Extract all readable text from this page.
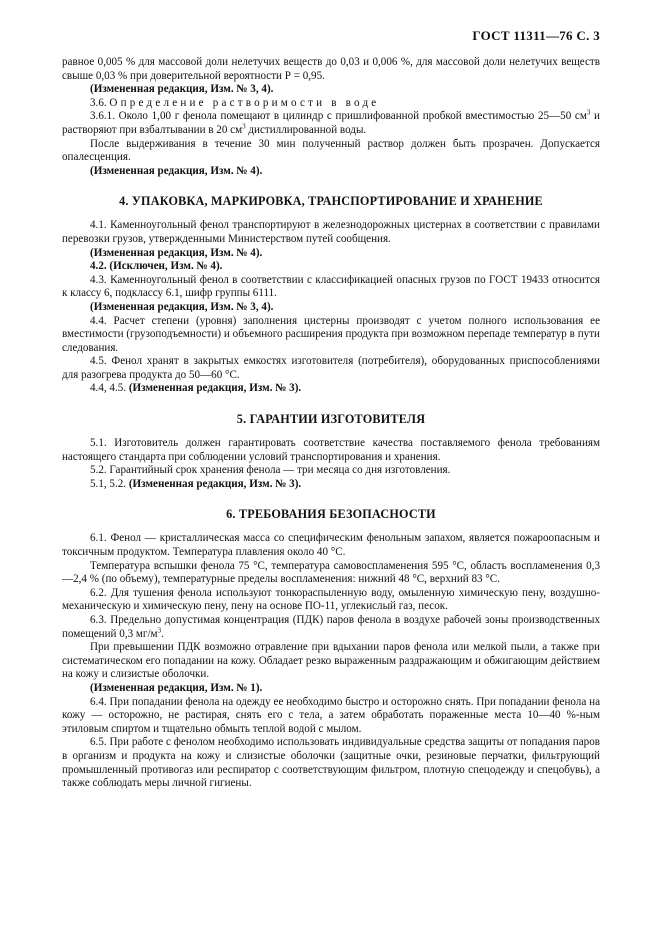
ГОСТ 11311—76 С. 3

равное 0,005 % для массовой доли нелетучих веществ до 0,03 и 0,006 %, для массовой доли нелетучих веществ свыше 0,03 % при доверительной вероятности Р = 0,95.

(Измененная редакция, Изм. № 3, 4).

3.6. Определение растворимости в воде

3.6.1. Около 1,00 г фенола помещают в цилиндр с пришлифованной пробкой вместимостью 25—50 $см^3$ и растворяют при взбалтывании в 20 $см^3$ дистиллированной воды.

После выдерживания в течение 30 мин полученный раствор должен быть прозрачен. Допускается опалесценция.

(Измененная редакция, Изм. № 4).

4. УПАКОВКА, МАРКИРОВКА, ТРАНСПОРТИРОВАНИЕ И ХРАНЕНИЕ

4.1. Каменноугольный фенол транспортируют в железнодорожных цистернах в соответствии с правилами перевозки грузов, утвержденными Министерством путей сообщения.

(Измененная редакция, Изм. № 4).

4.2. (Исключен, Изм. № 4).

4.3. Каменноугольный фенол в соответствии с классификацией опасных грузов по ГОСТ 19433 относится к классу 6, подклассу 6.1, шифр группы 6111.

(Измененная редакция, Изм. № 3, 4).

4.4. Расчет степени (уровня) заполнения цистерны производят с учетом полного использования ее вместимости (грузоподъемности) и объемного расширения продукта при возможном перепаде температур в пути следования.

4.5. Фенол хранят в закрытых емкостях изготовителя (потребителя), оборудованных приспособлениями для разогрева продукта до 50—60 °С.

4.4, 4.5. (Измененная редакция, Изм. № 3).

5. ГАРАНТИИ ИЗГОТОВИТЕЛЯ

5.1. Изготовитель должен гарантировать соответствие качества поставляемого фенола требованиям настоящего стандарта при соблюдении условий транспортирования и хранения.

5.2. Гарантийный срок хранения фенола — три месяца со дня изготовления.

5.1, 5.2. (Измененная редакция, Изм. № 3).

6. ТРЕБОВАНИЯ БЕЗОПАСНОСТИ

6.1. Фенол — кристаллическая масса со специфическим фенольным запахом, является пожароопасным и токсичным продуктом. Температура плавления около 40 °С.

Температура вспышки фенола 75 °С, температура самовоспламенения 595 °С, область воспламенения 0,3—2,4 % (по объему), температурные пределы воспламенения: нижний 48 °С, верхний 83 °С.

6.2. Для тушения фенола используют тонкораспыленную воду, омыленную химическую пену, воздушно-механическую и химическую пену, пену на основе ПО-11, углекислый газ, песок.

6.3. Предельно допустимая концентрация (ПДК) паров фенола в воздухе рабочей зоны производственных помещений 0,3 $мг/м^3$.

При превышении ПДК возможно отравление при вдыхании паров фенола или мелкой пыли, а также при систематическом его попадании на кожу. Обладает резко выраженным раздражающим и обжигающим действием на кожу и слизистые оболочки.

(Измененная редакция, Изм. № 1).

6.4. При попадании фенола на одежду ее необходимо быстро и осторожно снять. При попадании фенола на кожу — осторожно, не растирая, снять его с тела, а затем обработать пораженные места 10—40 %-ным этиловым спиртом и тщательно обмыть теплой водой с мылом.

6.5. При работе с фенолом необходимо использовать индивидуальные средства защиты от попадания паров в организм и продукта на кожу и слизистые оболочки (защитные очки, резиновые перчатки, фильтрующий промышленный противогаз или респиратор с соответствующим фильтром, плотную спецодежду и спецобувь), а также соблюдать меры личной гигиены.
